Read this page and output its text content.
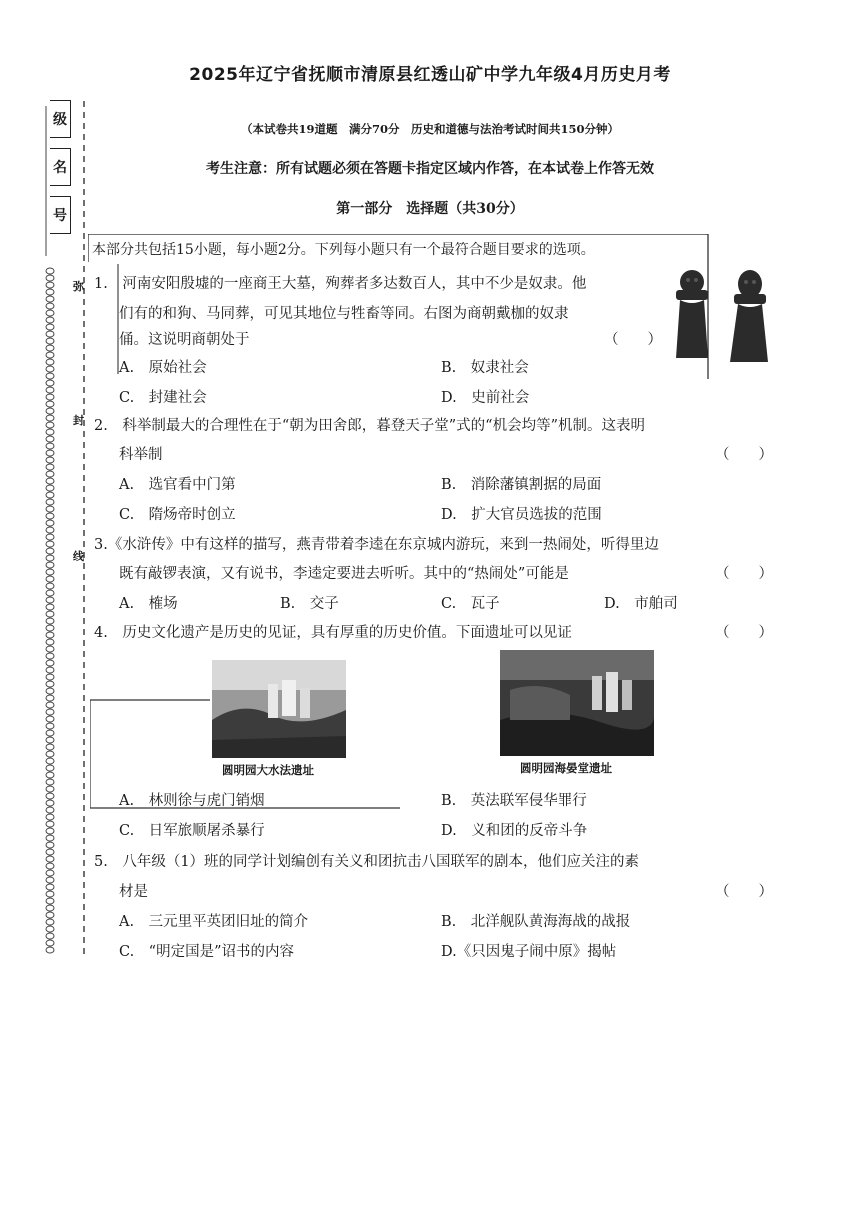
2025年辽宁省抚顺市清原县红透山矿中学九年级4月历史月考
级
名
号
弥
封
线
（本试卷共19道题　满分70分　历史和道德与法治考试时间共150分钟）
考生注意：所有试题必须在答题卡指定区域内作答，在本试卷上作答无效
第一部分　选择题（共30分）
本部分共包括15小题，每小题2分。下列每小题只有一个最符合题目要求的选项。
1.　河南安阳殷墟的一座商王大墓，殉葬者多达数百人，其中不少是奴隶。他
们有的和狗、马同葬，可见其地位与牲畜等同。右图为商朝戴枷的奴隶
俑。这说明商朝处于	（　　）
A.　原始社会	B.　奴隶社会
C.　封建社会	D.　史前社会
2.　科举制最大的合理性在于“朝为田舍郎，暮登天子堂”式的“机会均等”机制。这表明
科举制	（　　）
A.　选官看中门第	B.　消除藩镇割据的局面
C.　隋炀帝时创立	D.　扩大官员选拔的范围
3.《水浒传》中有这样的描写，燕青带着李逵在东京城内游玩，来到一热闹处，听得里边
既有敲锣表演，又有说书，李逵定要进去听听。其中的“热闹处”可能是	（　　）
A.　榷场	B.　交子	C.　瓦子	D.　市舶司
4.　历史文化遗产是历史的见证，具有厚重的历史价值。下面遗址可以见证	（　　）
圆明园大水法遗址	圆明园海晏堂遗址
A.　林则徐与虎门销烟	B.　英法联军侵华罪行
C.　日军旅顺屠杀暴行	D.　义和团的反帝斗争
5.　八年级（1）班的同学计划编创有关义和团抗击八国联军的剧本，他们应关注的素
材是	（　　）
A.　三元里平英团旧址的简介	B.　北洋舰队黄海海战的战报
C.　“明定国是”诏书的内容	D.《只因鬼子闹中原》揭帖
